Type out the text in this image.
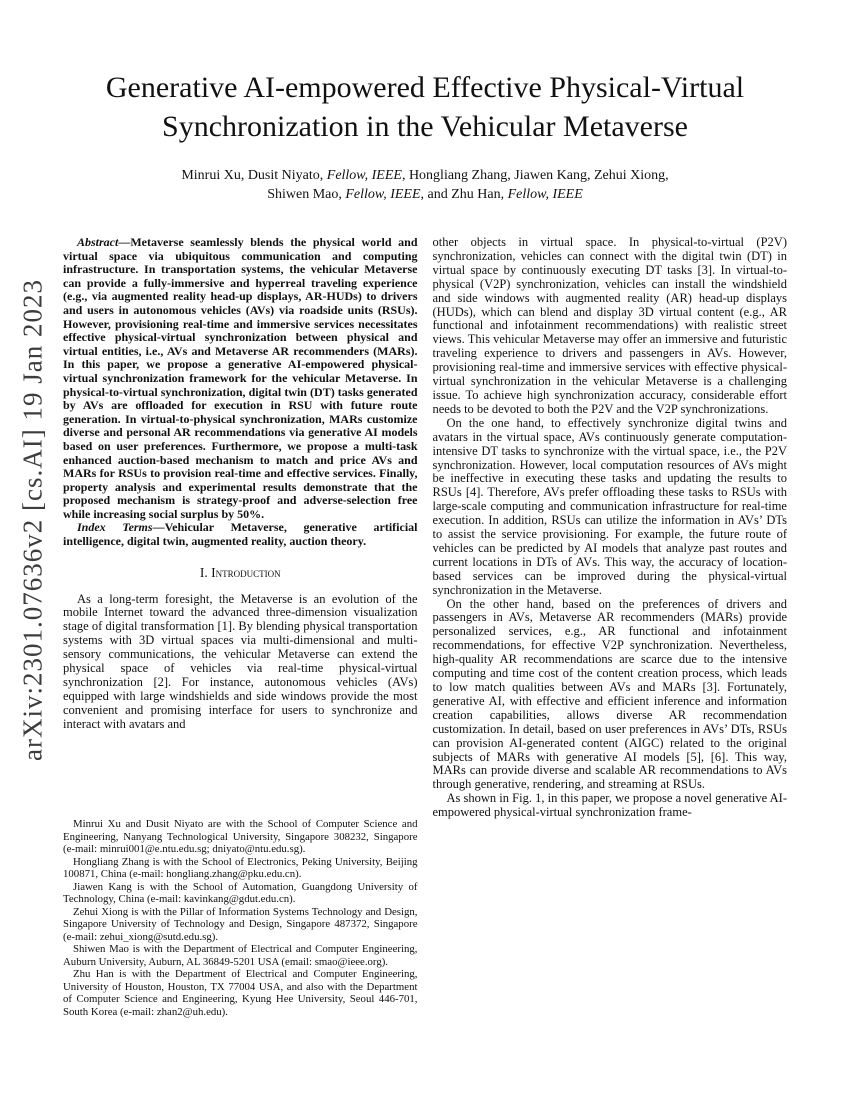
arXiv:2301.07636v2 [cs.AI] 19 Jan 2023
Generative AI-empowered Effective Physical-Virtual
Synchronization in the Vehicular Metaverse
Minrui Xu, Dusit Niyato, Fellow, IEEE, Hongliang Zhang, Jiawen Kang, Zehui Xiong,
Shiwen Mao, Fellow, IEEE, and Zhu Han, Fellow, IEEE

Abstract—Metaverse seamlessly blends the physical world and virtual space via ubiquitous communication and computing infrastructure. In transportation systems, the vehicular Metaverse can provide a fully-immersive and hyperreal traveling experience (e.g., via augmented reality head-up displays, AR-HUDs) to drivers and users in autonomous vehicles (AVs) via roadside units (RSUs). However, provisioning real-time and immersive services necessitates effective physical-virtual synchronization between physical and virtual entities, i.e., AVs and Metaverse AR recommenders (MARs). In this paper, we propose a generative AI-empowered physical-virtual synchronization framework for the vehicular Metaverse. In physical-to-virtual synchronization, digital twin (DT) tasks generated by AVs are offloaded for execution in RSU with future route generation. In virtual-to-physical synchronization, MARs customize diverse and personal AR recommendations via generative AI models based on user preferences. Furthermore, we propose a multi-task enhanced auction-based mechanism to match and price AVs and MARs for RSUs to provision real-time and effective services. Finally, property analysis and experimental results demonstrate that the proposed mechanism is strategy-proof and adverse-selection free while increasing social surplus by 50%.

Index Terms—Vehicular Metaverse, generative artificial intelligence, digital twin, augmented reality, auction theory.

I. Introduction

As a long-term foresight, the Metaverse is an evolution of the mobile Internet toward the advanced three-dimension visualization stage of digital transformation [1]. By blending physical transportation systems with 3D virtual spaces via multi-dimensional and multi-sensory communications, the vehicular Metaverse can extend the physical space of vehicles via real-time physical-virtual synchronization [2]. For instance, autonomous vehicles (AVs) equipped with large windshields and side windows provide the most convenient and promising interface for users to synchronize and interact with avatars and

Minrui Xu and Dusit Niyato are with the School of Computer Science and Engineering, Nanyang Technological University, Singapore 308232, Singapore (e-mail: minrui001@e.ntu.edu.sg; dniyato@ntu.edu.sg).

Hongliang Zhang is with the School of Electronics, Peking University, Beijing 100871, China (e-mail: hongliang.zhang@pku.edu.cn).

Jiawen Kang is with the School of Automation, Guangdong University of Technology, China (e-mail: kavinkang@gdut.edu.cn).

Zehui Xiong is with the Pillar of Information Systems Technology and Design, Singapore University of Technology and Design, Singapore 487372, Singapore (e-mail: zehui_xiong@sutd.edu.sg).

Shiwen Mao is with the Department of Electrical and Computer Engineering, Auburn University, Auburn, AL 36849-5201 USA (email: smao@ieee.org).

Zhu Han is with the Department of Electrical and Computer Engineering, University of Houston, Houston, TX 77004 USA, and also with the Department of Computer Science and Engineering, Kyung Hee University, Seoul 446-701, South Korea (e-mail: zhan2@uh.edu).

other objects in virtual space. In physical-to-virtual (P2V) synchronization, vehicles can connect with the digital twin (DT) in virtual space by continuously executing DT tasks [3]. In virtual-to-physical (V2P) synchronization, vehicles can install the windshield and side windows with augmented reality (AR) head-up displays (HUDs), which can blend and display 3D virtual content (e.g., AR functional and infotainment recommendations) with realistic street views. This vehicular Metaverse may offer an immersive and futuristic traveling experience to drivers and passengers in AVs. However, provisioning real-time and immersive services with effective physical-virtual synchronization in the vehicular Metaverse is a challenging issue. To achieve high synchronization accuracy, considerable effort needs to be devoted to both the P2V and the V2P synchronizations.

On the one hand, to effectively synchronize digital twins and avatars in the virtual space, AVs continuously generate computation-intensive DT tasks to synchronize with the virtual space, i.e., the P2V synchronization. However, local computation resources of AVs might be ineffective in executing these tasks and updating the results to RSUs [4]. Therefore, AVs prefer offloading these tasks to RSUs with large-scale computing and communication infrastructure for real-time execution. In addition, RSUs can utilize the information in AVs’ DTs to assist the service provisioning. For example, the future route of vehicles can be predicted by AI models that analyze past routes and current locations in DTs of AVs. This way, the accuracy of location-based services can be improved during the physical-virtual synchronization in the Metaverse.

On the other hand, based on the preferences of drivers and passengers in AVs, Metaverse AR recommenders (MARs) provide personalized services, e.g., AR functional and infotainment recommendations, for effective V2P synchronization. Nevertheless, high-quality AR recommendations are scarce due to the intensive computing and time cost of the content creation process, which leads to low match qualities between AVs and MARs [3]. Fortunately, generative AI, with effective and efficient inference and information creation capabilities, allows diverse AR recommendation customization. In detail, based on user preferences in AVs’ DTs, RSUs can provision AI-generated content (AIGC) related to the original subjects of MARs with generative AI models [5], [6]. This way, MARs can provide diverse and scalable AR recommendations to AVs through generative, rendering, and streaming at RSUs.

As shown in Fig. 1, in this paper, we propose a novel generative AI-empowered physical-virtual synchronization frame-
